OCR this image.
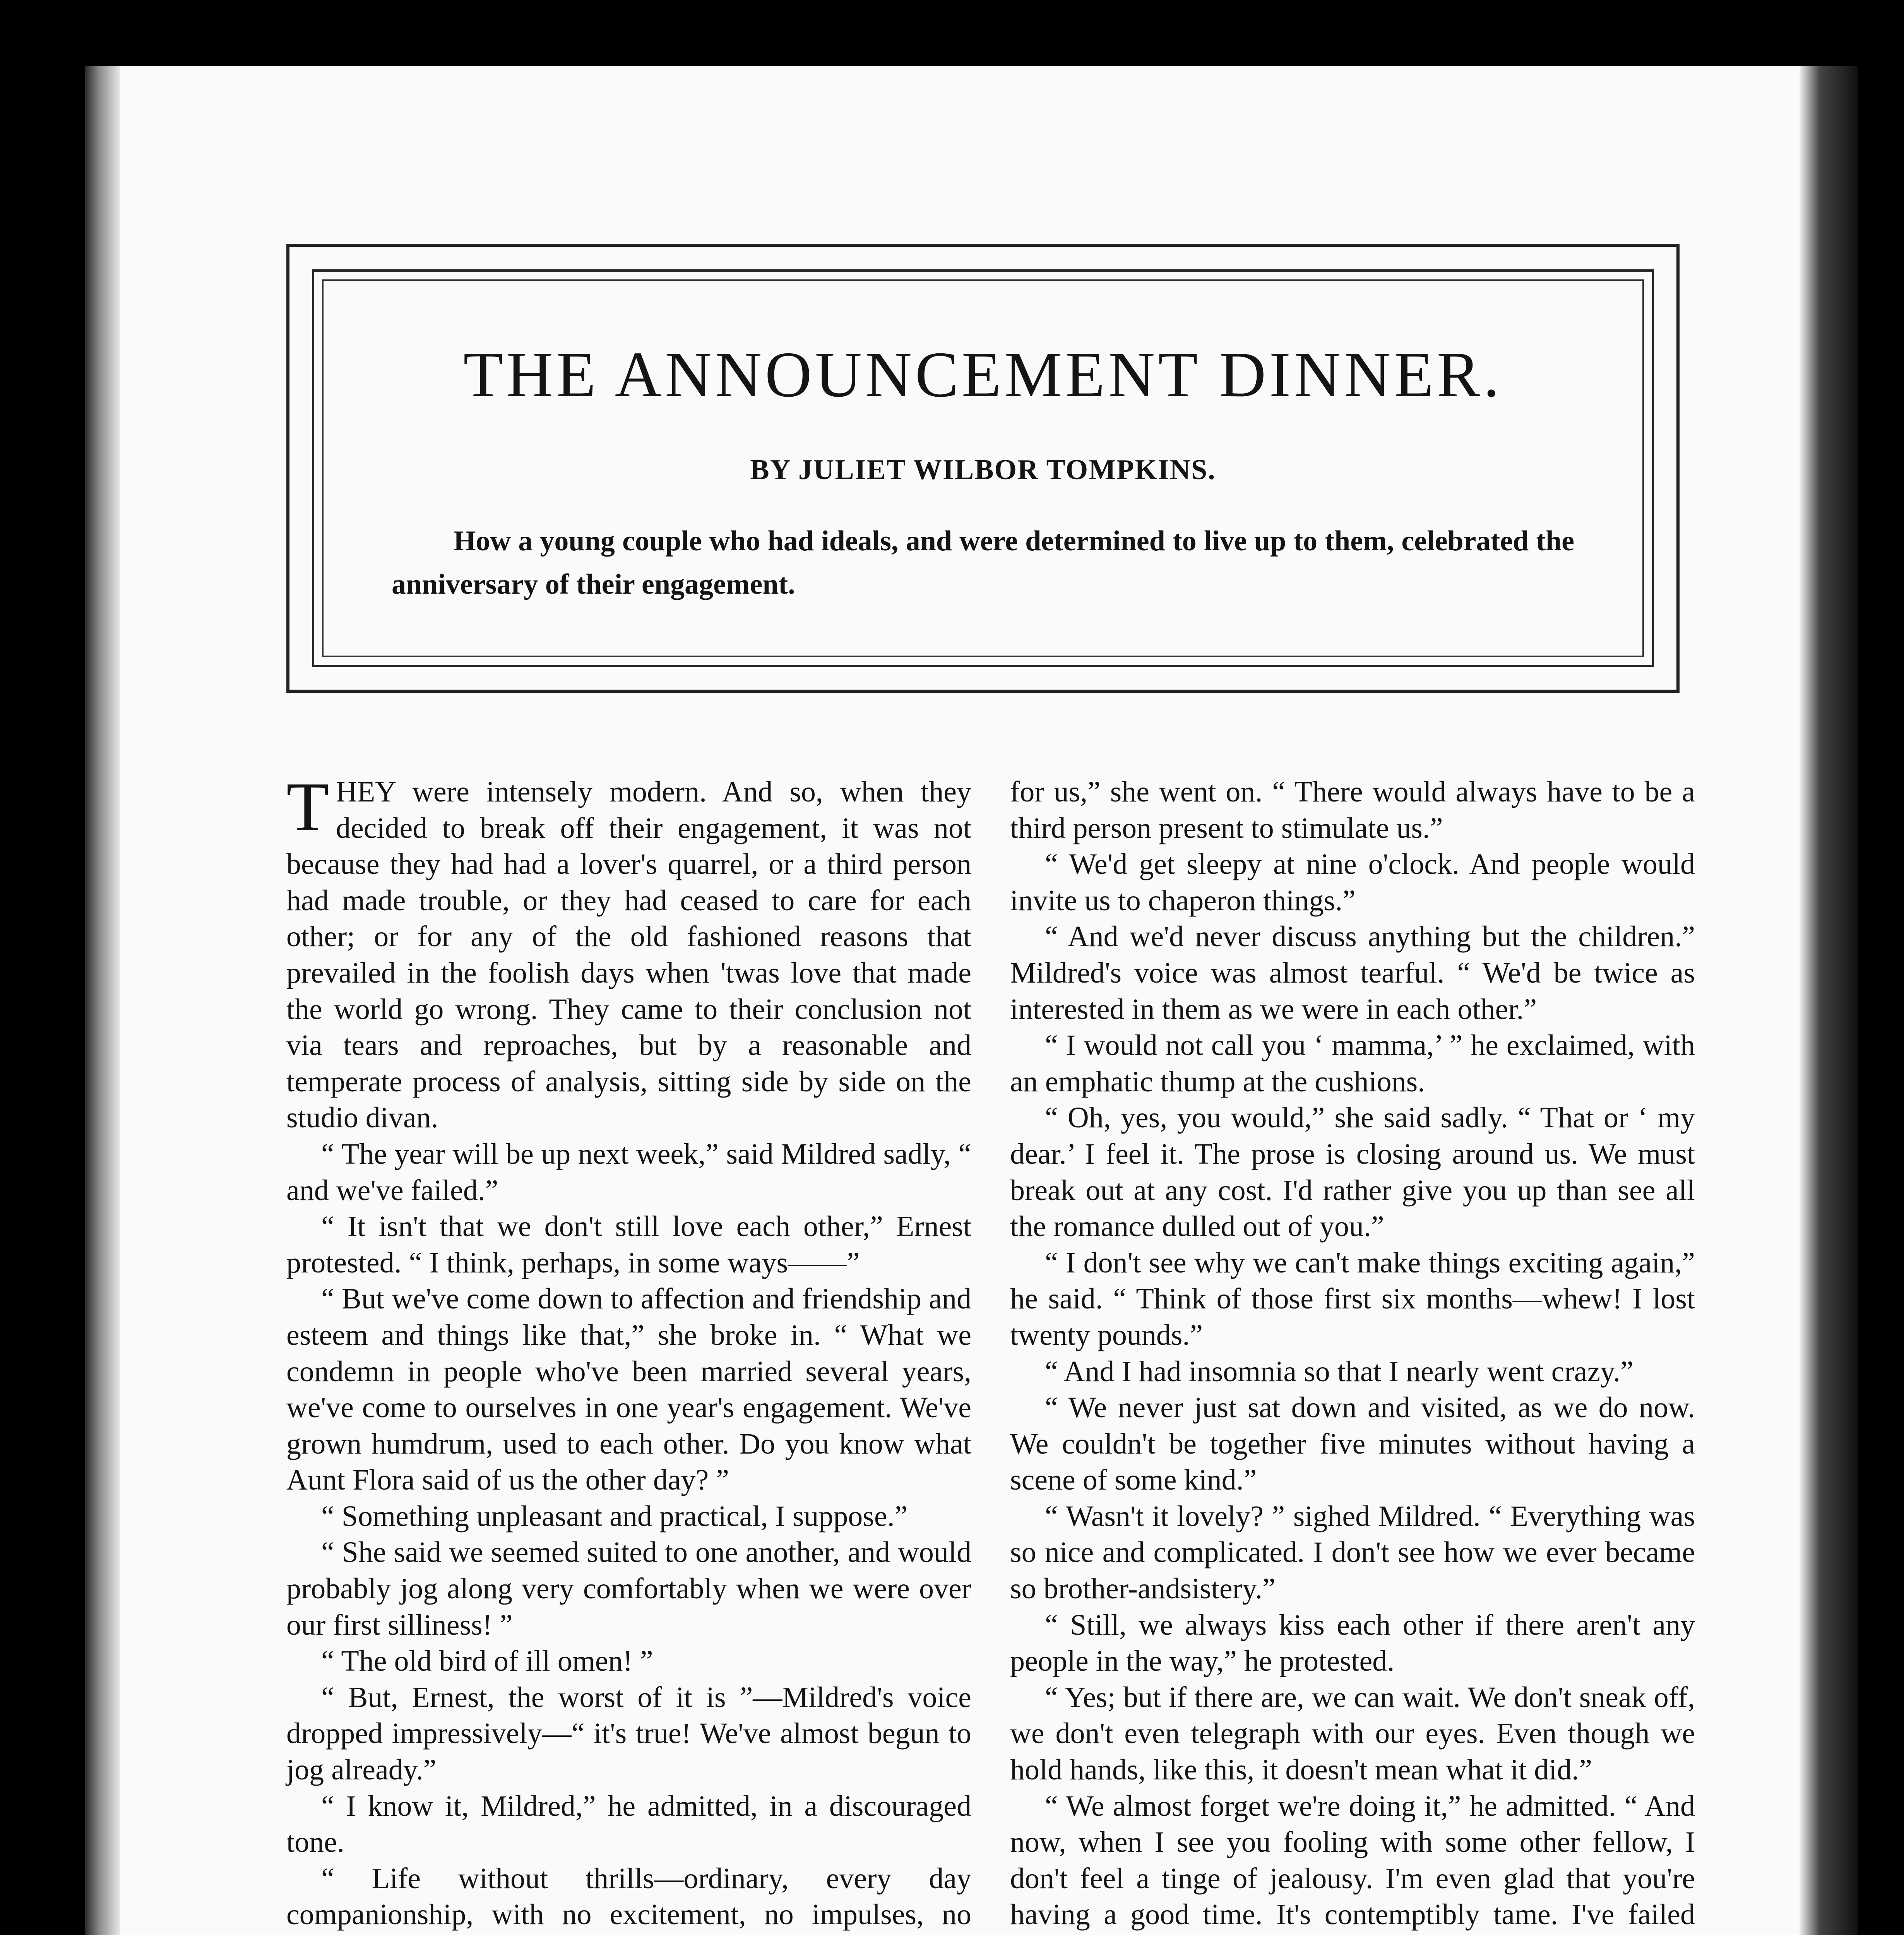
THE ANNOUNCEMENT DINNER.

BY JULIET WILBOR TOMPKINS.

How a young couple who had ideals, and were determined to live up to them, celebrated the anniversary of their engagement.

THEY were intensely modern. And so, when they decided to break off their engagement, it was not because they had had a lover's quarrel, or a third person had made trouble, or they had ceased to care for each other; or for any of the old fashioned reasons that prevailed in the foolish days when 'twas love that made the world go wrong. They came to their conclusion not via tears and reproaches, but by a reasonable and temperate process of analysis, sitting side by side on the studio divan.

“ The year will be up next week,” said Mildred sadly, “ and we've failed.”

“ It isn't that we don't still love each other,” Ernest protested. “ I think, perhaps, in some ways——”

“ But we've come down to affection and friendship and esteem and things like that,” she broke in. “ What we condemn in people who've been married several years, we've come to ourselves in one year's engagement. We've grown humdrum, used to each other. Do you know what Aunt Flora said of us the other day? ”

“ Something unpleasant and practical, I suppose.”

“ She said we seemed suited to one another, and would probably jog along very comfortably when we were over our first silliness! ”

“ The old bird of ill omen! ”

“ But, Ernest, the worst of it is ”—Mildred's voice dropped impressively—“ it's true! We've almost begun to jog already.”

“ I know it, Mildred,” he admitted, in a discouraged tone.

“ Life without thrills—ordinary, every day companionship, with no excitement, no impulses, no

for us,” she went on. “ There would always have to be a third person present to stimulate us.”

“ We'd get sleepy at nine o'clock. And people would invite us to chaperon things.”

“ And we'd never discuss anything but the children.” Mildred's voice was almost tearful. “ We'd be twice as interested in them as we were in each other.”

“ I would not call you ‘ mamma,’ ” he exclaimed, with an emphatic thump at the cushions.

“ Oh, yes, you would,” she said sadly. “ That or ‘ my dear.’ I feel it. The prose is closing around us. We must break out at any cost. I'd rather give you up than see all the romance dulled out of you.”

“ I don't see why we can't make things exciting again,” he said. “ Think of those first six months—whew! I lost twenty pounds.”

“ And I had insomnia so that I nearly went crazy.”

“ We never just sat down and visited, as we do now. We couldn't be together five minutes without having a scene of some kind.”

“ Wasn't it lovely? ” sighed Mildred. “ Everything was so nice and complicated. I don't see how we ever became so brother-andsistery.”

“ Still, we always kiss each other if there aren't any people in the way,” he protested.

“ Yes; but if there are, we can wait. We don't sneak off, we don't even telegraph with our eyes. Even though we hold hands, like this, it doesn't mean what it did.”

“ We almost forget we're doing it,” he admitted. “ And now, when I see you fooling with some other fellow, I don't feel a tinge of jealousy. I'm even glad that you're having a good time. It's contemptibly tame. I've failed
